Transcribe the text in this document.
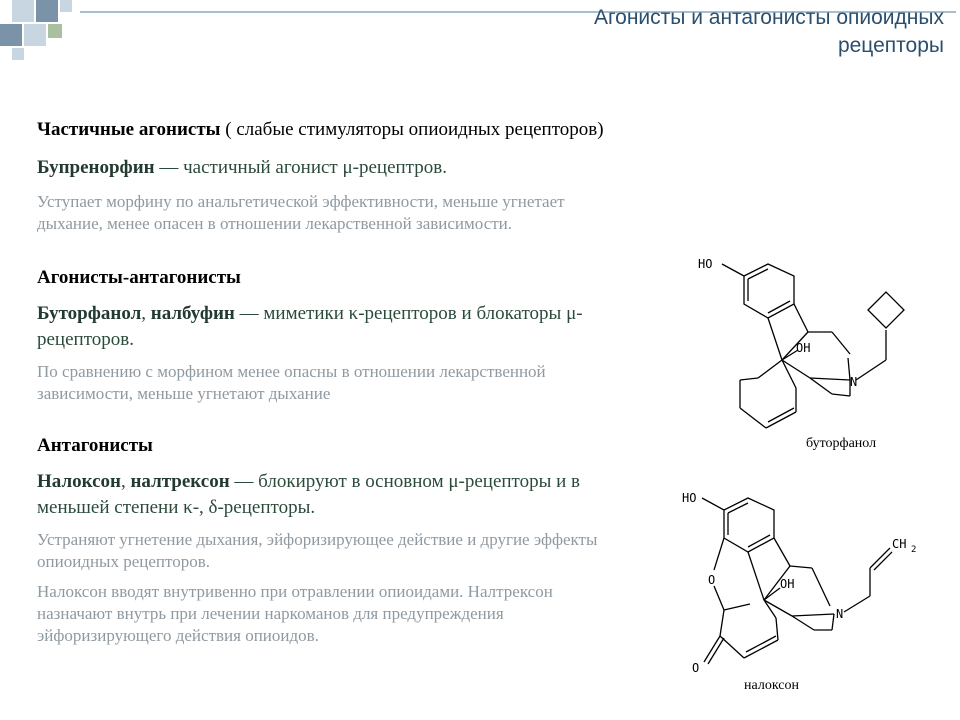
Агонисты и антагонисты опиоидных
рецепторы

Частичные агонисты ( слабые стимуляторы опиоидных рецепторов)

Бупренорфин — частичный агонист μ-рецептров.

Уступает морфину по анальгетической эффективности, меньше угнетает дыхание, менее опасен в отношении лекарственной зависимости.

Агонисты-антагонисты

Буторфанол, налбуфин — миметики κ-рецепторов и блокаторы μ-рецепторов.

По сравнению с морфином менее опасны в отношении лекарственной зависимости, меньше угнетают дыхание

Антагонисты

Налоксон, налтрексон — блокируют в основном μ-рецепторы и в меньшей степени κ-, δ-рецепторы.

Устраняют угнетение дыхания, эйфоризирующее действие и другие эффекты опиоидных рецепторов.

Налоксон вводят внутривенно при отравлении опиоидами. Налтрексон назначают внутрь при лечении наркоманов для предупреждения эйфоризирующего действия опиоидов.

HO
OH
N
буторфанол
HO
O	OH
N
O
CH 2
налоксон
